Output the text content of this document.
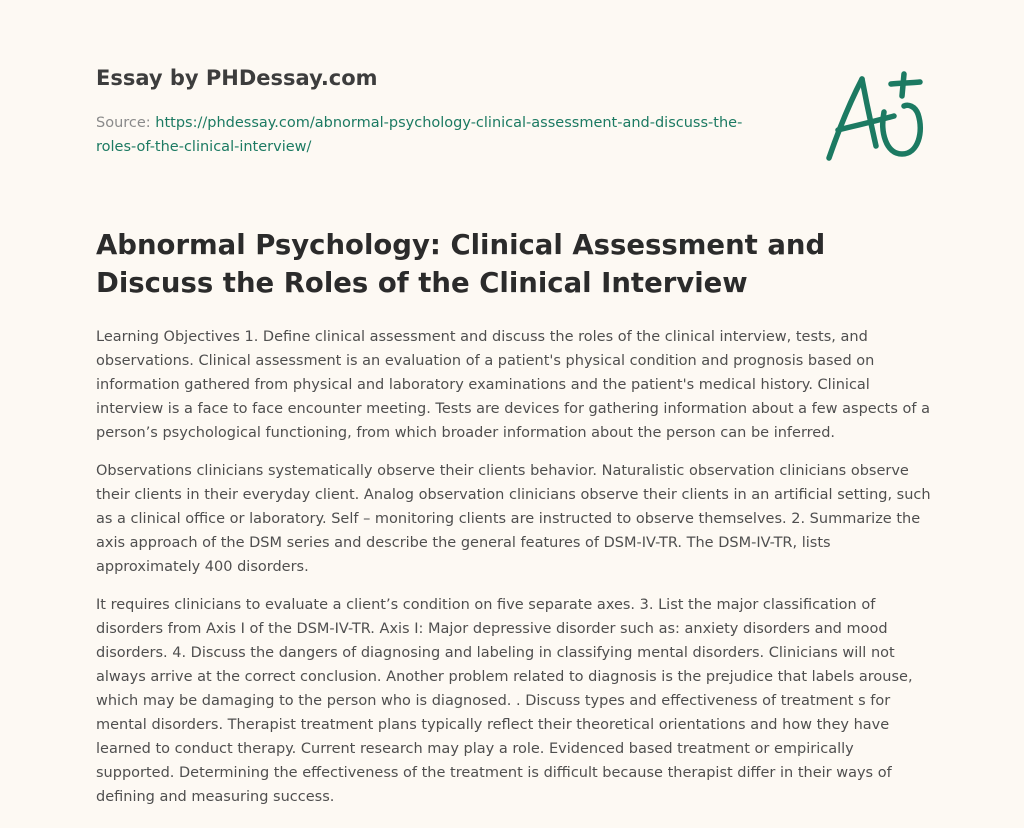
Essay by PHDessay.com
Source: https://phdessay.com/abnormal-psychology-clinical-assessment-and-discuss-the-roles-of-the-clinical-interview/
Abnormal Psychology: Clinical Assessment and Discuss the Roles of the Clinical Interview

Learning Objectives 1. Define clinical assessment and discuss the roles of the clinical interview, tests, and observations. Clinical assessment is an evaluation of a patient's physical condition and prognosis based on information gathered from physical and laboratory examinations and the patient's medical history. Clinical interview is a face to face encounter meeting. Tests are devices for gathering information about a few aspects of a person’s psychological functioning, from which broader information about the person can be inferred.

Observations clinicians systematically observe their clients behavior. Naturalistic observation clinicians observe their clients in their everyday client. Analog observation clinicians observe their clients in an artificial setting, such as a clinical office or laboratory. Self – monitoring clients are instructed to observe themselves. 2. Summarize the axis approach of the DSM series and describe the general features of DSM-IV-TR. The DSM-IV-TR, lists approximately 400 disorders.

It requires clinicians to evaluate a client’s condition on five separate axes. 3. List the major classification of disorders from Axis I of the DSM-IV-TR. Axis I: Major depressive disorder such as: anxiety disorders and mood disorders. 4. Discuss the dangers of diagnosing and labeling in classifying mental disorders. Clinicians will not always arrive at the correct conclusion. Another problem related to diagnosis is the prejudice that labels arouse, which may be damaging to the person who is diagnosed. . Discuss types and effectiveness of treatment s for mental disorders. Therapist treatment plans typically reflect their theoretical orientations and how they have learned to conduct therapy. Current research may play a role. Evidenced based treatment or empirically supported. Determining the effectiveness of the treatment is difficult because therapist differ in their ways of defining and measuring success.
